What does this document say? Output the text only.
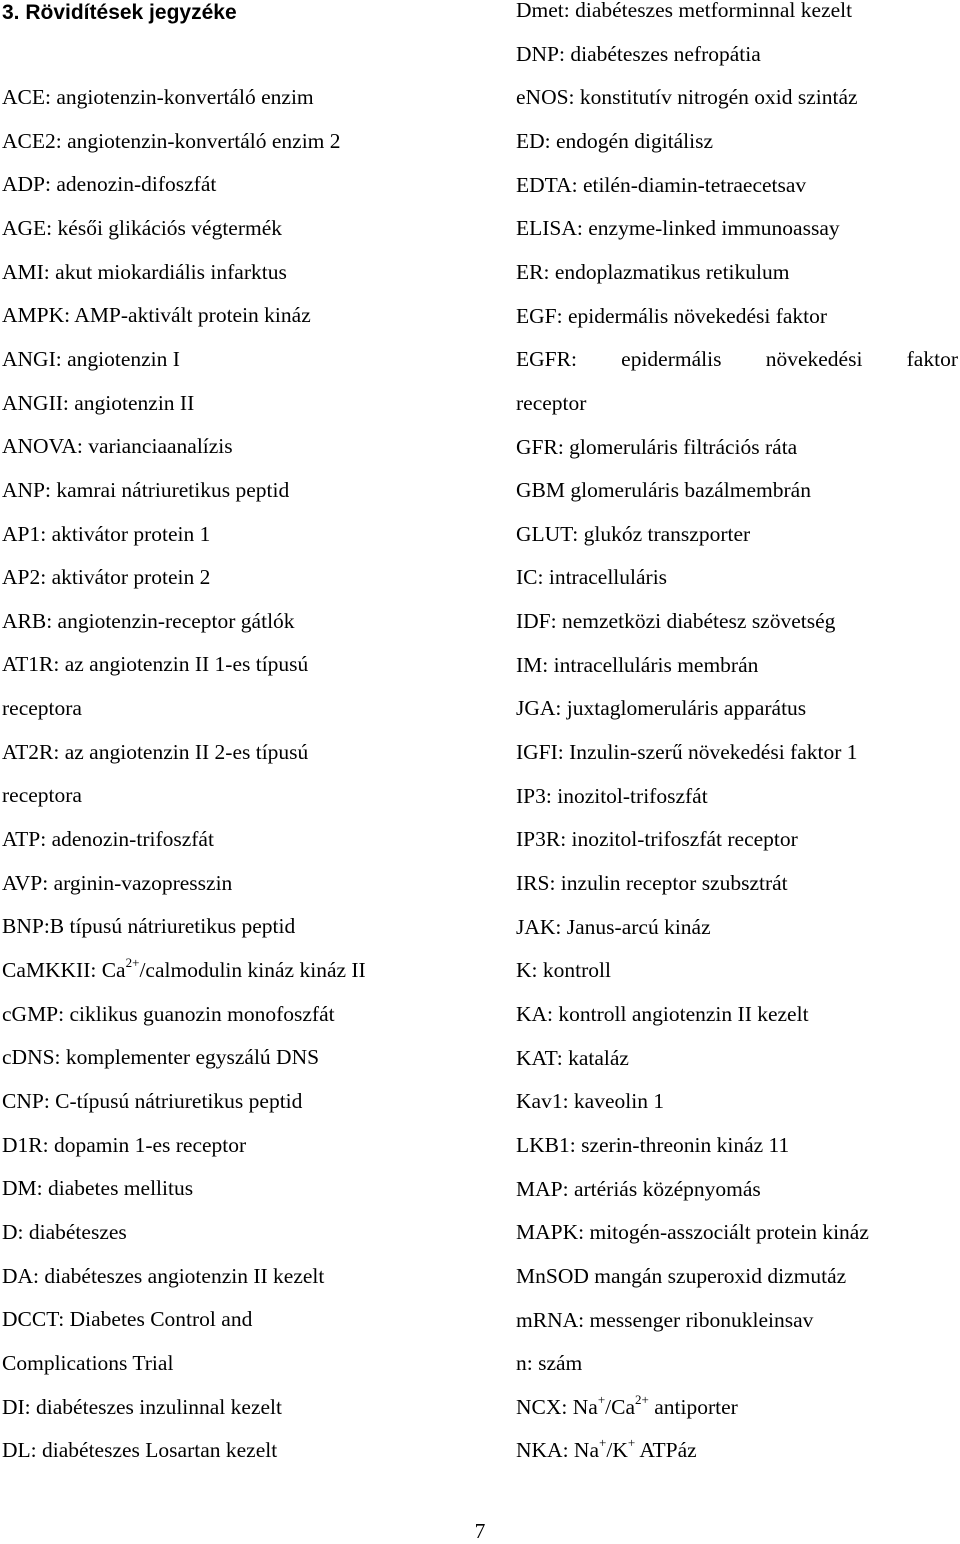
3. Rövidítések jegyzéke
ACE: angiotenzin-konvertáló enzim
ACE2: angiotenzin-konvertáló enzim 2
ADP: adenozin-difoszfát
AGE: késői glikációs végtermék
AMI: akut miokardiális infarktus
AMPK: AMP-aktivált protein kináz
ANGI: angiotenzin I
ANGII: angiotenzin II
ANOVA: varianciaanalízis
ANP: kamrai nátriuretikus peptid
AP1: aktivátor protein 1
AP2: aktivátor protein 2
ARB: angiotenzin-receptor gátlók
AT1R: az angiotenzin II 1-es típusú
receptora
AT2R: az angiotenzin II 2-es típusú
receptora
ATP: adenozin-trifoszfát
AVP: arginin-vazopresszin
BNP:B típusú nátriuretikus peptid
CaMKKII: $Ca^{2+}$/calmodulin kináz kináz II
cGMP: ciklikus guanozin monofoszfát
cDNS: komplementer egyszálú DNS
CNP: C-típusú nátriuretikus peptid
D1R: dopamin 1-es receptor
DM: diabetes mellitus
D: diabéteszes
DA: diabéteszes angiotenzin II kezelt
DCCT: Diabetes Control and
Complications Trial
DI: diabéteszes inzulinnal kezelt
DL: diabéteszes Losartan kezelt
Dmet: diabéteszes metforminnal kezelt
DNP: diabéteszes nefropátia
eNOS: konstitutív nitrogén oxid szintáz
ED: endogén digitálisz
EDTA: etilén-diamin-tetraecetsav
ELISA: enzyme-linked immunoassay
ER: endoplazmatikus retikulum
EGF: epidermális növekedési faktor
EGFR: epidermális növekedési faktor
receptor
GFR: glomeruláris filtrációs ráta
GBM glomeruláris bazálmembrán
GLUT: glukóz transzporter
IC: intracelluláris
IDF: nemzetközi diabétesz szövetség
IM: intracelluláris membrán
JGA: juxtaglomeruláris apparátus
IGFI: Inzulin-szerű növekedési faktor 1
IP3: inozitol-trifoszfát
IP3R: inozitol-trifoszfát receptor
IRS: inzulin receptor szubsztrát
JAK: Janus-arcú kináz
K: kontroll
KA: kontroll angiotenzin II kezelt
KAT: kataláz
Kav1: kaveolin 1
LKB1: szerin-threonin kináz 11
MAP: artériás középnyomás
MAPK: mitogén-asszociált protein kináz
MnSOD mangán szuperoxid dizmutáz
mRNA: messenger ribonukleinsav
n: szám
NCX: $Na^+/Ca^{2+}$ antiporter
NKA: Na+/K+ ATPáz
7
